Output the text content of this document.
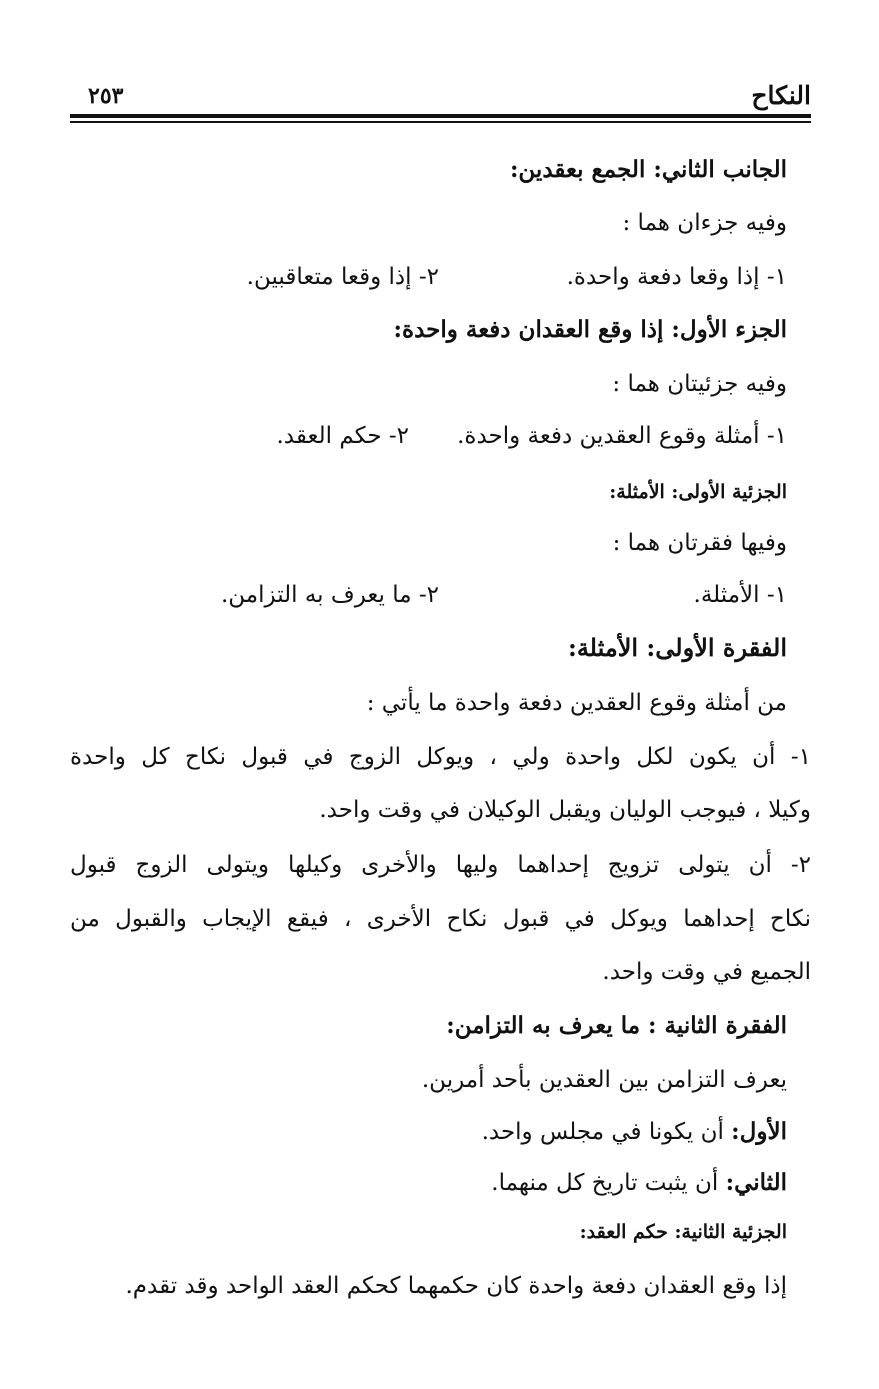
النكاح
٢٥٣
الجانب الثاني: الجمع بعقدين:
وفيه جزءان هما :
١- إذا وقعا دفعة واحدة.
٢- إذا وقعا متعاقبين.
الجزء الأول: إذا وقع العقدان دفعة واحدة:
وفيه جزئيتان هما :
١- أمثلة وقوع العقدين دفعة واحدة.
٢- حكم العقد.
الجزئية الأولى: الأمثلة:
وفيها فقرتان هما :
١- الأمثلة.
٢- ما يعرف به التزامن.
الفقرة الأولى: الأمثلة:
من أمثلة وقوع العقدين دفعة واحدة ما يأتي :
١- أن يكون لكل واحدة ولي ، ويوكل الزوج في قبول نكاح كل واحدة
وكيلا ، فيوجب الوليان ويقبل الوكيلان في وقت واحد.
٢- أن يتولى تزويج إحداهما وليها والأخرى وكيلها ويتولى الزوج قبول
نكاح إحداهما ويوكل في قبول نكاح الأخرى ، فيقع الإيجاب والقبول من
الجميع في وقت واحد.
الفقرة الثانية : ما يعرف به التزامن:
يعرف التزامن بين العقدين بأحد أمرين.
الأول: أن يكونا في مجلس واحد.
الثاني: أن يثبت تاريخ كل منهما.
الجزئية الثانية: حكم العقد:
إذا وقع العقدان دفعة واحدة كان حكمهما كحكم العقد الواحد وقد تقدم.
